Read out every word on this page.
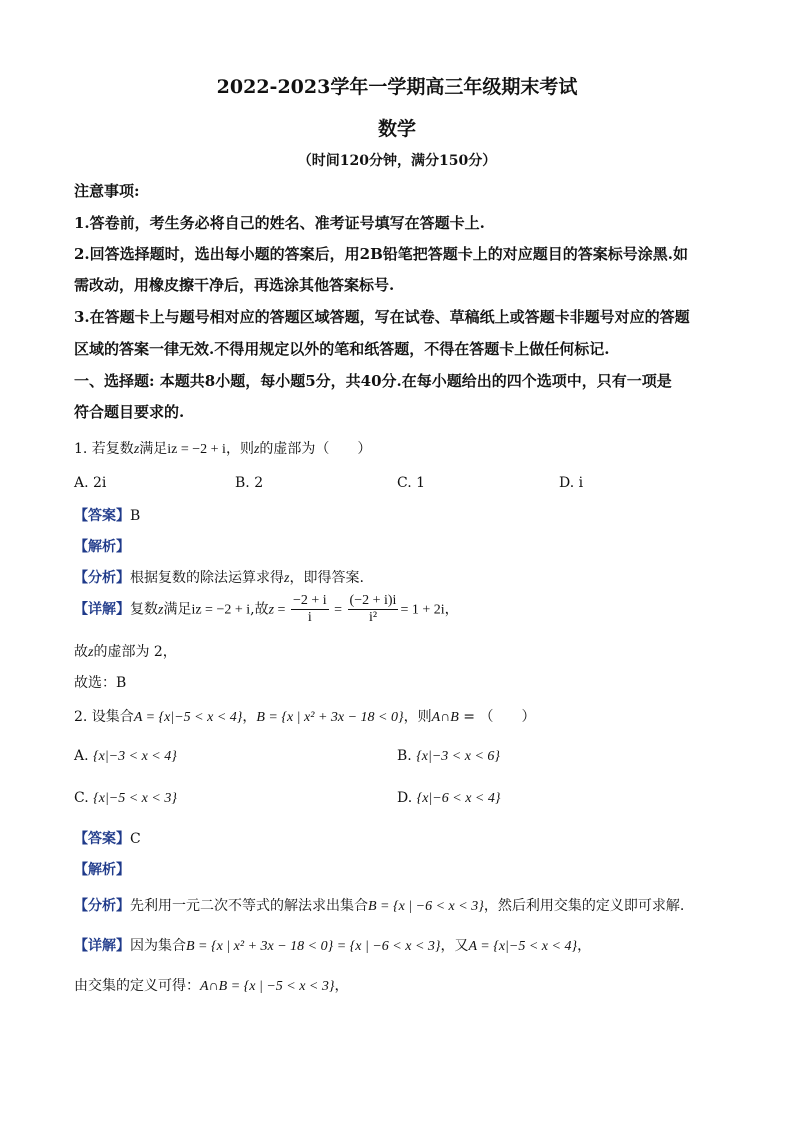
2022-2023学年一学期高三年级期末考试
数学
（时间120分钟，满分150分）
注意事项:
1.答卷前，考生务必将自己的姓名、准考证号填写在答题卡上.
2.回答选择题时，选出每小题的答案后，用2B铅笔把答题卡上的对应题目的答案标号涂黑.如
需改动，用橡皮擦干净后，再选涂其他答案标号.
3.在答题卡上与题号相对应的答题区域答题，写在试卷、草稿纸上或答题卡非题号对应的答题
区域的答案一律无效.不得用规定以外的笔和纸答题，不得在答题卡上做任何标记.
一、选择题: 本题共8小题，每小题5分，共40分.在每小题给出的四个选项中，只有一项是
符合题目要求的.
1. 若复数z满足iz = −2 + i，则z的虚部为（　　）
A. 2i	B. 2	C. 1	D. i
【答案】B
【解析】
【分析】根据复数的除法运算求得z，即得答案.
【详解】复数z满足iz = −2 + i,故$z = \frac{-2 + i}{i} = \frac{(-2 + i)i}{\text{i²}} = 1 + 2i$，
故z的虚部为 2，
故选：B
2. 设集合A = {x|−5 < x < 4}，B = {x | x² + 3x − 18 < 0}，则A∩B = （　　）
A. {x|−3 < x < 4}	B. {x|−3 < x < 6}
C. {x|−5 < x < 3}	D. {x|−6 < x < 4}
【答案】C
【解析】
【分析】先利用一元二次不等式的解法求出集合B = {x | −6 < x < 3}，然后利用交集的定义即可求解.
【详解】因为集合B = {x | x² + 3x − 18 < 0} = {x | −6 < x < 3}，又A = {x|−5 < x < 4}，
由交集的定义可得：A∩B = {x | −5 < x < 3}，
